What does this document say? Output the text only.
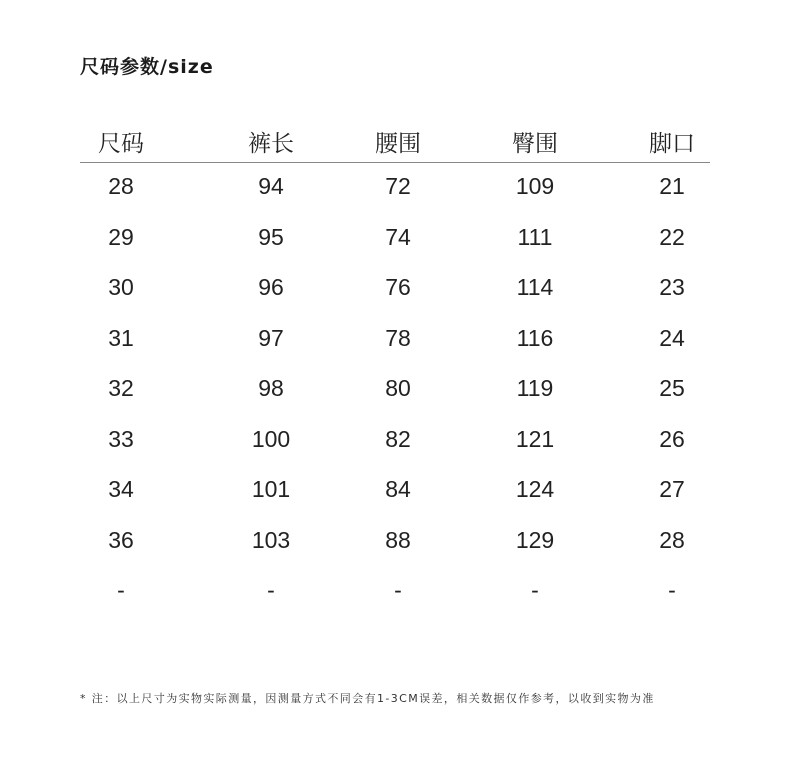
尺码参数/size
尺码	裤长	腰围	臀围	脚口
28	94	72	109	21
29	95	74	111	22
30	96	76	114	23
31	97	78	116	24
32	98	80	119	25
33	100	82	121	26
34	101	84	124	27
36	103	88	129	28
-	-	-	-	-
* 注：以上尺寸为实物实际测量，因测量方式不同会有1-3CM误差，相关数据仅作参考，以收到实物为准
